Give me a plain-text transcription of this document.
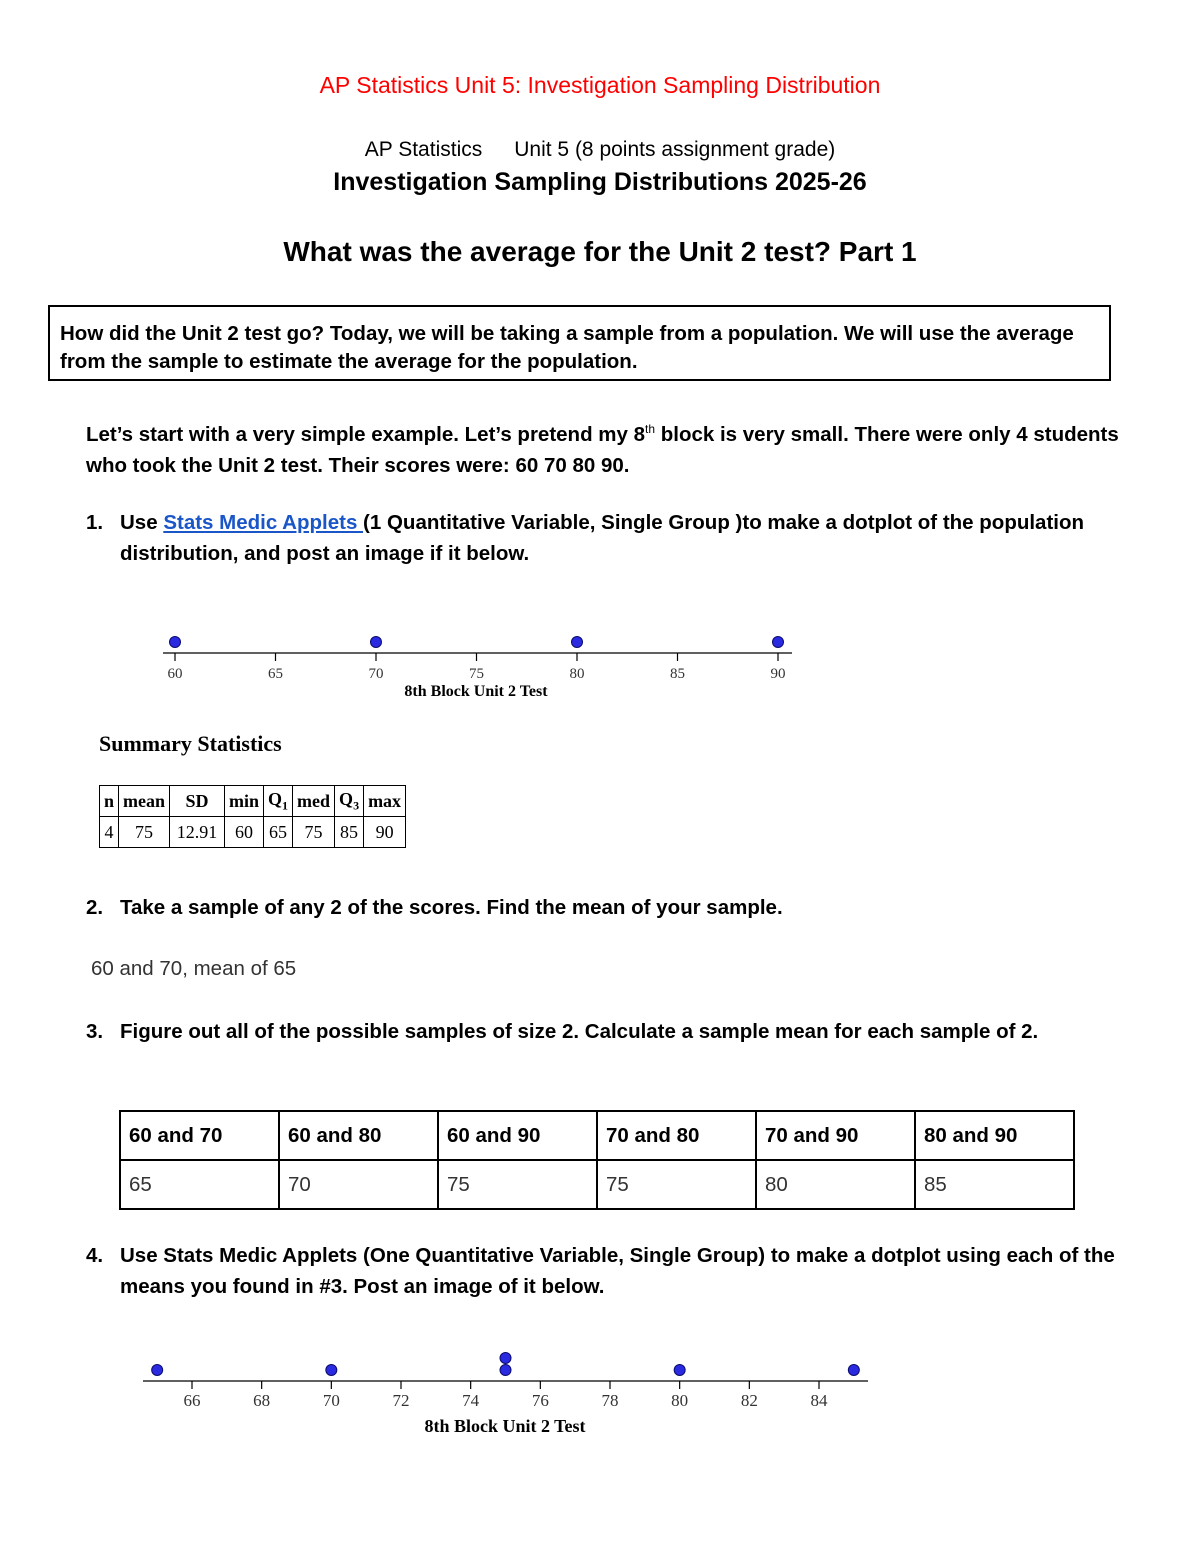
AP Statistics Unit 5: Investigation Sampling Distribution
AP Statistics Unit 5 (8 points assignment grade)
Investigation Sampling Distributions 2025-26
What was the average for the Unit 2 test? Part 1
How did the Unit 2 test go? Today, we will be taking a sample from a population. We will use the average from the sample to estimate the average for the population.
Let’s start with a very simple example. Let’s pretend my 8th block is very small. There were only 4 students who took the Unit 2 test. Their scores were: 60 70 80 90.
1. Use Stats Medic Applets (1 Quantitative Variable, Single Group )to make a dotplot of the population distribution, and post an image if it below.
60	65	70	75	80	85	90
8th Block Unit 2 Test
Summary Statistics
n	mean	SD	min	$Q_1$	med	$Q_3$	max
4	75	12.91	60	65	75	85	90
2. Take a sample of any 2 of the scores. Find the mean of your sample.
60 and 70, mean of 65
3. Figure out all of the possible samples of size 2. Calculate a sample mean for each sample of 2.
60 and 70	60 and 80	60 and 90	70 and 80	70 and 90	80 and 90
65	70	75	75	80	85
4. Use Stats Medic Applets (One Quantitative Variable, Single Group) to make a dotplot using each of the means you found in #3. Post an image of it below.
66	68	70	72	74	76	78	80	82	84
8th Block Unit 2 Test
